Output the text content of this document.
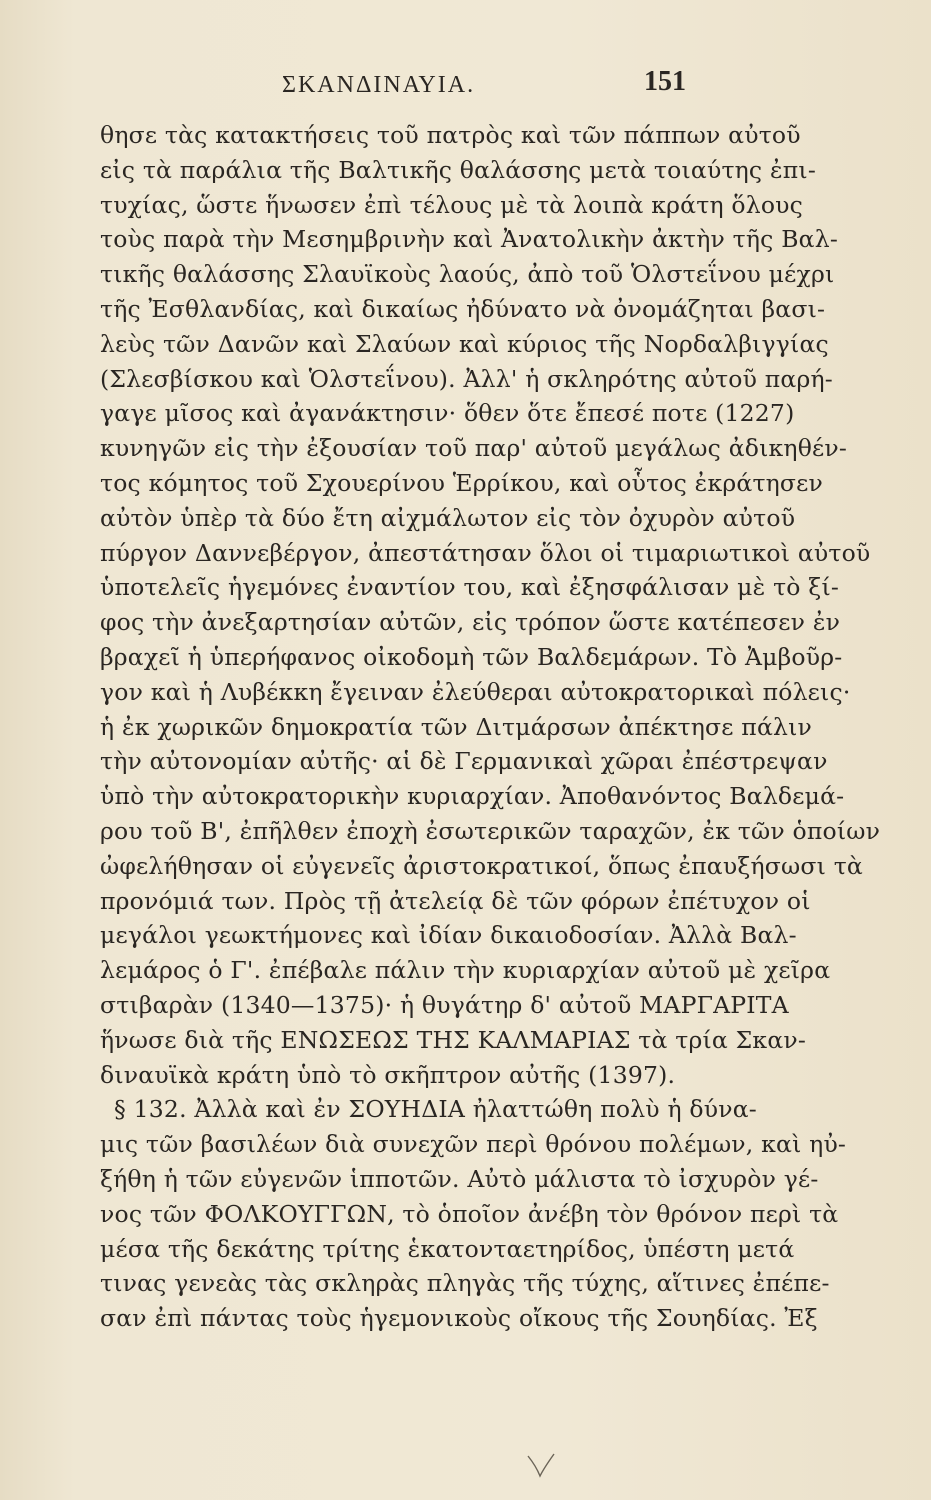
ΣΚΑΝΔΙΝΑΥΙΑ.	151
θησε τὰς κατακτήσεις τοῦ πατρὸς καὶ τῶν πάππων αὐτοῦ
εἰς τὰ παράλια τῆς Βαλτικῆς θαλάσσης μετὰ τοιαύτης ἐπι-
τυχίας, ὥστε ἥνωσεν ἐπὶ τέλους μὲ τὰ λοιπὰ κράτη ὅλους
τοὺς παρὰ τὴν Μεσημβρινὴν καὶ Ἀνατολικὴν ἀκτὴν τῆς Βαλ-
τικῆς θαλάσσης Σλαυϊκοὺς λαούς, ἀπὸ τοῦ Ὁλστεΐνου μέχρι
τῆς Ἐσθλανδίας, καὶ δικαίως ἠδύνατο νὰ ὀνομάζηται βασι-
λεὺς τῶν Δανῶν καὶ Σλαύων καὶ κύριος τῆς Νορδαλβιγγίας
(Σλεσβίσκου καὶ Ὁλστεΐνου). Ἀλλ' ἡ σκληρότης αὐτοῦ παρή-
γαγε μῖσος καὶ ἀγανάκτησιν· ὅθεν ὅτε ἔπεσέ ποτε (1227)
κυνηγῶν εἰς τὴν ἐξουσίαν τοῦ παρ' αὐτοῦ μεγάλως ἀδικηθέν-
τος κόμητος τοῦ Σχουερίνου Ἑρρίκου, καὶ οὗτος ἐκράτησεν
αὐτὸν ὑπὲρ τὰ δύο ἔτη αἰχμάλωτον εἰς τὸν ὀχυρὸν αὐτοῦ
πύργον Δαννεβέργον, ἀπεστάτησαν ὅλοι οἱ τιμαριωτικοὶ αὐτοῦ
ὑποτελεῖς ἡγεμόνες ἐναντίον του, καὶ ἐξησφάλισαν μὲ τὸ ξί-
φος τὴν ἀνεξαρτησίαν αὐτῶν, εἰς τρόπον ὥστε κατέπεσεν ἐν
βραχεῖ ἡ ὑπερήφανος οἰκοδομὴ τῶν Βαλδεμάρων. Τὸ Ἀμβοῦρ-
γον καὶ ἡ Λυβέκκη ἔγειναν ἐλεύθεραι αὐτοκρατορικαὶ πόλεις·
ἡ ἐκ χωρικῶν δημοκρατία τῶν Διτμάρσων ἀπέκτησε πάλιν
τὴν αὐτονομίαν αὐτῆς· αἱ δὲ Γερμανικαὶ χῶραι ἐπέστρεψαν
ὑπὸ τὴν αὐτοκρατορικὴν κυριαρχίαν. Ἀποθανόντος Βαλδεμά-
ρου τοῦ Β', ἐπῆλθεν ἐποχὴ ἐσωτερικῶν ταραχῶν, ἐκ τῶν ὁποίων
ὠφελήθησαν οἱ εὐγενεῖς ἀριστοκρατικοί, ὅπως ἐπαυξήσωσι τὰ
προνόμιά των. Πρὸς τῇ ἀτελείᾳ δὲ τῶν φόρων ἐπέτυχον οἱ
μεγάλοι γεωκτήμονες καὶ ἰδίαν δικαιοδοσίαν. Ἀλλὰ Βαλ-
λεμάρος ὁ Γ'. ἐπέβαλε πάλιν τὴν κυριαρχίαν αὐτοῦ μὲ χεῖρα
στιβαρὰν (1340—1375)· ἡ θυγάτηρ δ' αὐτοῦ ΜΑΡΓΑΡΙΤΑ
ἥνωσε διὰ τῆς ΕΝΩΣΕΩΣ ΤΗΣ ΚΑΛΜΑΡΙΑΣ τὰ τρία Σκαν-
διναυϊκὰ κράτη ὑπὸ τὸ σκῆπτρον αὐτῆς (1397).
§ 132. Ἀλλὰ καὶ ἐν ΣΟΥΗΔΙΑ ἠλαττώθη πολὺ ἡ δύνα-
μις τῶν βασιλέων διὰ συνεχῶν περὶ θρόνου πολέμων, καὶ ηὐ-
ξήθη ἡ τῶν εὐγενῶν ἱπποτῶν. Αὐτὸ μάλιστα τὸ ἰσχυρὸν γέ-
νος τῶν ΦΟΛΚΟΥΓΓΩΝ, τὸ ὁποῖον ἀνέβη τὸν θρόνον περὶ τὰ
μέσα τῆς δεκάτης τρίτης ἑκατονταετηρίδος, ὑπέστη μετά
τινας γενεὰς τὰς σκληρὰς πληγὰς τῆς τύχης, αἵτινες ἐπέπε-
σαν ἐπὶ πάντας τοὺς ἡγεμονικοὺς οἴκους τῆς Σουηδίας. Ἐξ
